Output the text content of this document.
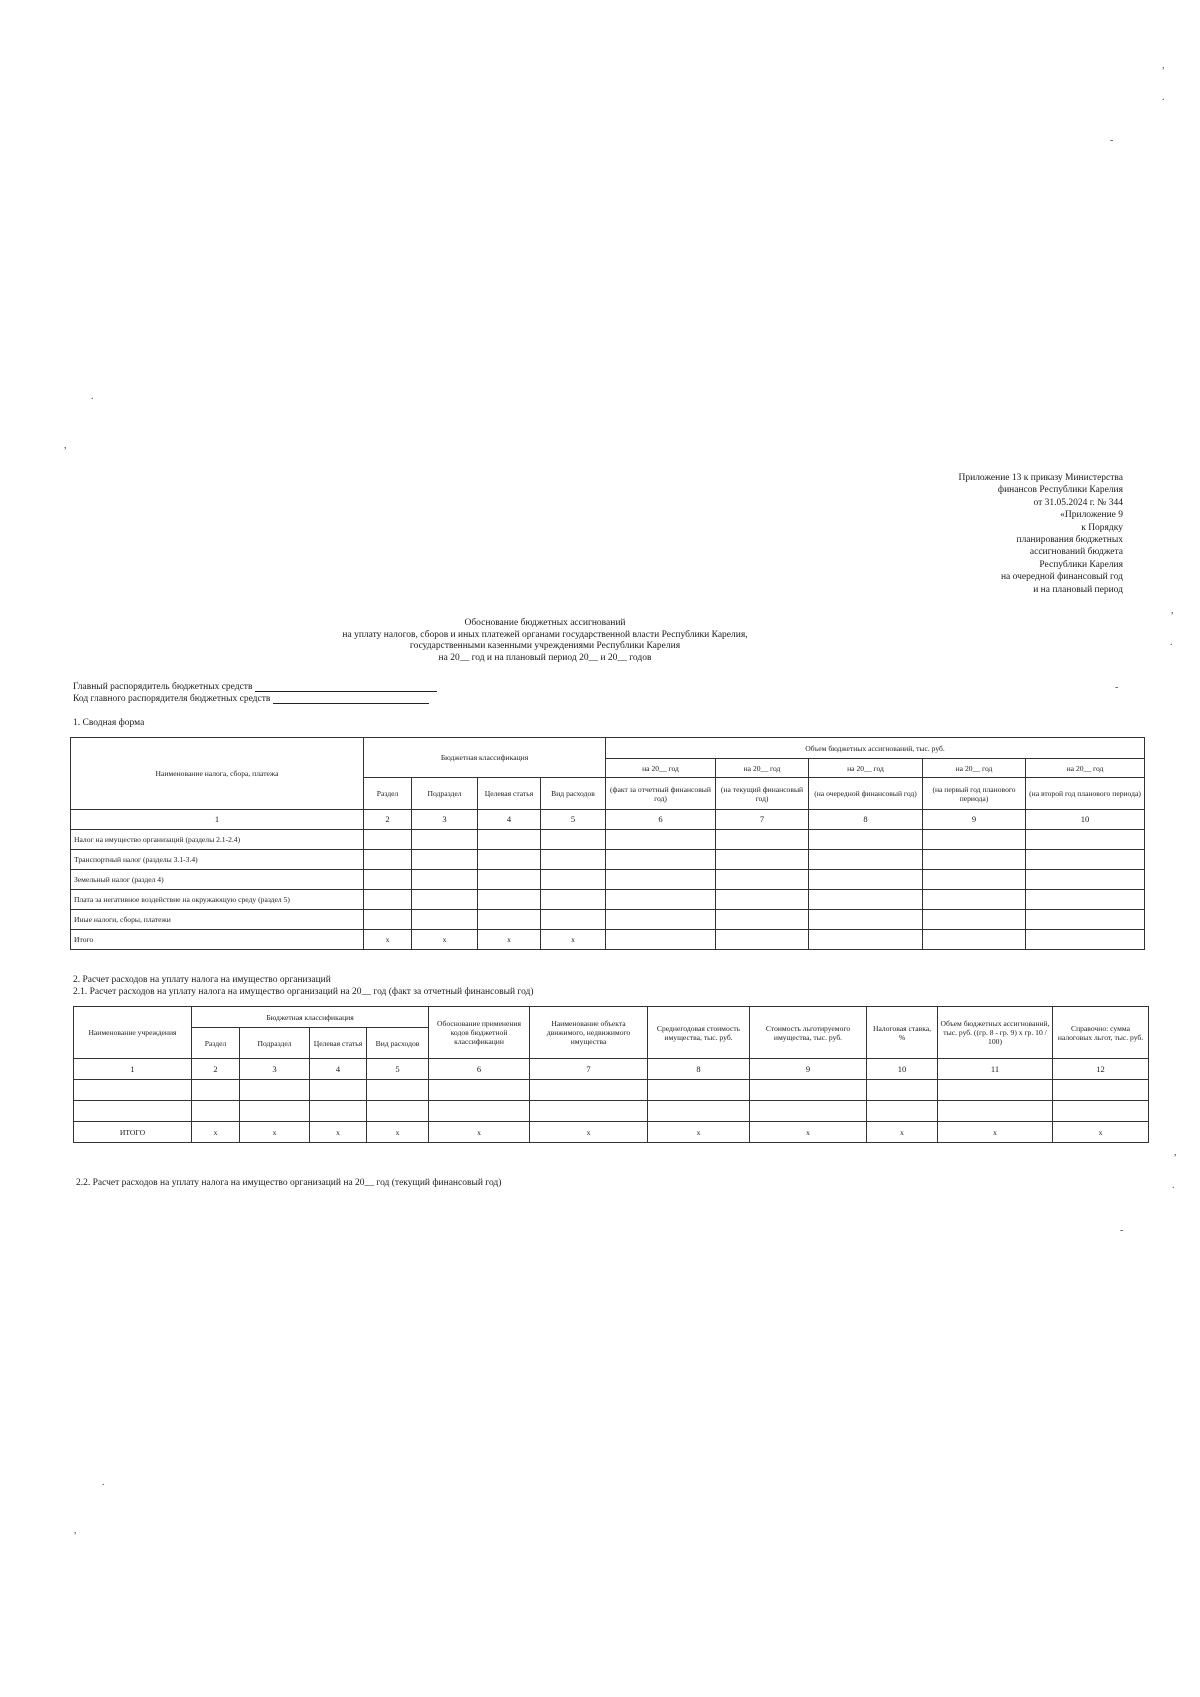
Приложение 13 к приказу Министерства
финансов Республики Карелия
от 31.05.2024 г. № 344
«Приложение 9
к Порядку
планирования бюджетных
ассигнований бюджета
Республики Карелия
на очередной финансовый год
и на плановый период
Обоснование бюджетных ассигнований
на уплату налогов, сборов и иных платежей органами государственной власти Республики Карелия,
государственными казенными учреждениями Республики Карелия
на 20__ год и на плановый период 20__ и 20__ годов
Главный распорядитель бюджетных средств
Код главного распорядителя бюджетных средств
1. Сводная форма
Наименование налога, сбора, платежа	Бюджетная классификация				Объем бюджетных ассигнований, тыс. руб.				
					на 20__ год	на 20__ год	на 20__ год	на 20__ год	на 20__ год
	Раздел	Подраздел	Целевая статья	Вид расходов	(факт за отчетный финансовый год)	(на текущий финансовый год)	(на очередной финансовый год)	(на первый год планового периода)	(на второй год планового периода)
1	2	3	4	5	6	7	8	9	10
Налог на имущество организаций (разделы 2.1-2.4)									
Транспортный налог (разделы 3.1-3.4)									
Земельный налог (раздел 4)									
Плата за негативное воздействие на окружающую среду (раздел 5)									
Иные налоги, сборы, платежи									
Итого	x	x	x	x					
2. Расчет расходов на уплату налога на имущество организаций
2.1. Расчет расходов на уплату налога на имущество организаций на 20__ год (факт за отчетный финансовый год)
Наименование учреждения	Бюджетная классификация				Обоснование применения кодов бюджетной классификации	Наименование объекта движимого, недвижимого имущества	Среднегодовая стоимость имущества, тыс. руб.	Стоимость льготируемого имущества, тыс. руб.	Налоговая ставка, %	Объем бюджетных ассигнований, тыс. руб. ((гр. 8 - гр. 9) x гр. 10 / 100)	Справочно: сумма налоговых льгот, тыс. руб.
	Раздел	Подраздел	Целевая статья	Вид расходов							
1	2	3	4	5	6	7	8	9	10	11	12

ИТОГО	x	x	x	x	x	x	x	x	x	x	x
2.2. Расчет расходов на уплату налога на имущество организаций на 20__ год (текущий финансовый год)
,
.
-
.
,
,
.
-
,
.
-
.
,
